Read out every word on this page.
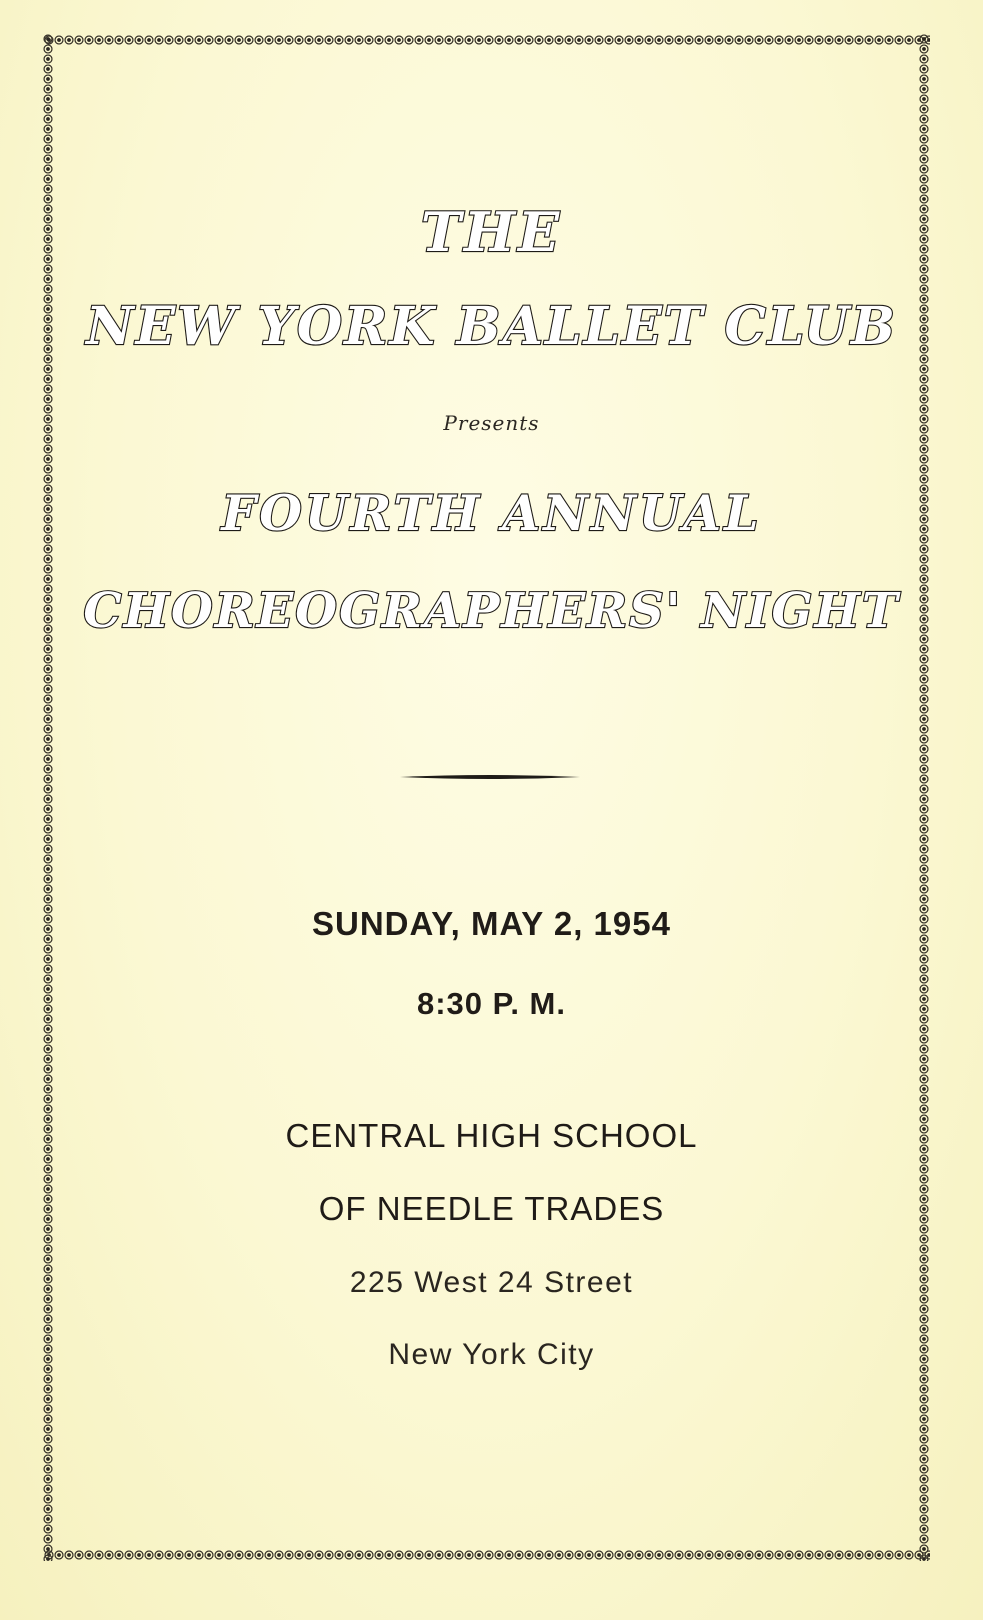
THE
NEW YORK BALLET CLUB
Presents
FOURTH ANNUAL
CHOREOGRAPHERS' NIGHT
SUNDAY, MAY 2, 1954
8:30 P. M.
CENTRAL HIGH SCHOOL
OF NEEDLE TRADES
225 West 24 Street
New York City
